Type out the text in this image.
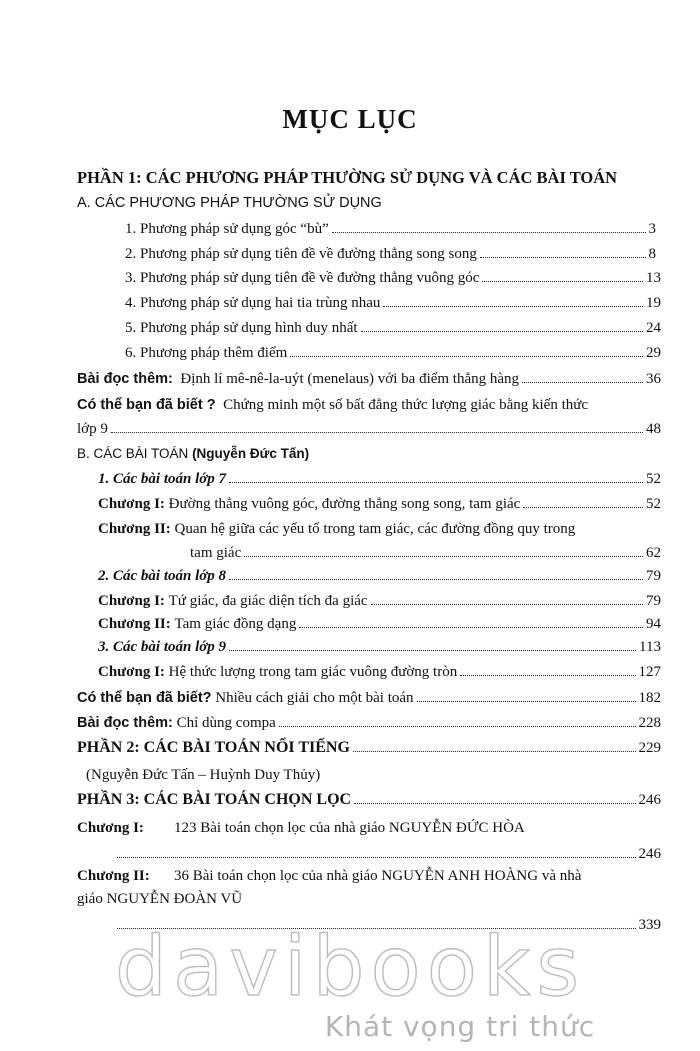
MỤC LỤC
PHẦN 1: CÁC PHƯƠNG PHÁP THƯỜNG SỬ DỤNG VÀ CÁC BÀI TOÁN
A. CÁC PHƯƠNG PHÁP THƯỜNG SỬ DỤNG
1. Phương pháp sử dụng góc “bù”	3
2. Phương pháp sử dụng tiên đề về đường thẳng song song	8
3. Phương pháp sử dụng tiên đề về đường thẳng vuông góc	13
4. Phương pháp sử dụng hai tia trùng nhau	19
5. Phương pháp sử dụng hình duy nhất	24
6. Phương pháp thêm điểm	29
Bài đọc thêm:
Định lí mê-nê-la-uýt (menelaus) với ba điểm thẳng hàng	36
Có thể bạn đã biết ?
Chứng minh một số bất đẳng thức lượng giác bằng kiến thức
lớp 9	48
B. CÁC BÀI TOÁN
(Nguyễn Đức Tấn)
1. Các bài toán lớp 7	52
Chương I:
Đường thẳng vuông góc, đường thẳng song song, tam giác	52
Chương II:
Quan hệ giữa các yếu tố trong tam giác, các đường đồng quy trong
tam giác	62
2. Các bài toán lớp 8	79
Chương I:
Tứ giác, đa giác diện tích đa giác	79
Chương II:
Tam giác đồng dạng	94
3. Các bài toán lớp 9	113
Chương I:
Hệ thức lượng trong tam giác vuông đường tròn	127
Có thể bạn đã biết?
Nhiều cách giải cho một bài toán	182
Bài đọc thêm:
Chỉ dùng compa	228
PHẦN 2: CÁC BÀI TOÁN NỔI TIẾNG	229
(Nguyễn Đức Tấn – Huỳnh Duy Thủy)
PHẦN 3: CÁC BÀI TOÁN CHỌN LỌC	246
Chương I:	123 Bài toán chọn lọc của nhà giáo NGUYỄN ĐỨC HÒA
246
Chương II:	36 Bài toán chọn lọc của nhà giáo NGUYỄN ANH HOÀNG và nhà
giáo NGUYỄN ĐOÀN VŨ
339
davibooks
Khát vọng tri thức
